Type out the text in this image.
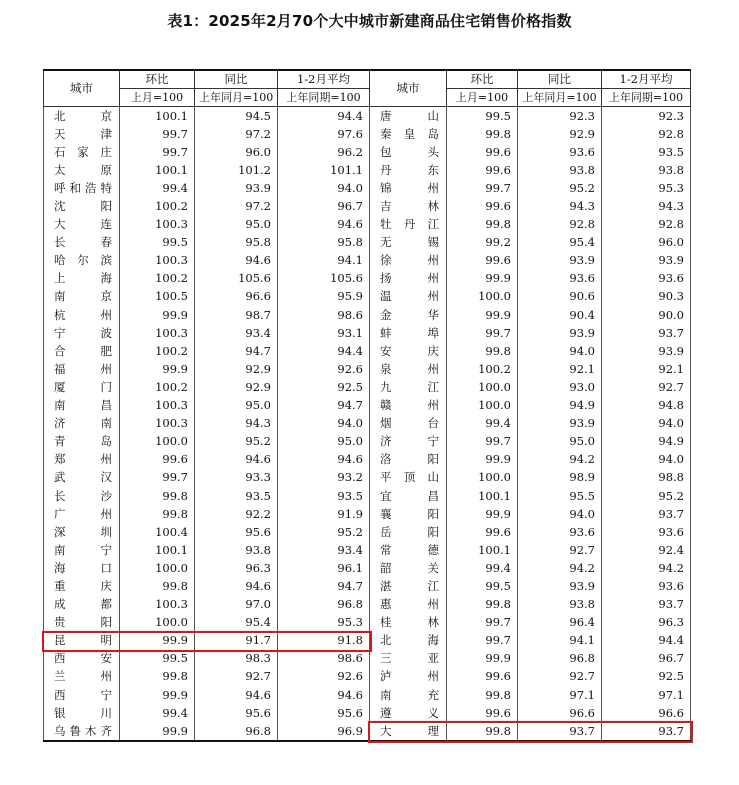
表1：2025年2月70个大中城市新建商品住宅销售价格指数
城市	环比	同比	1-2月平均	城市	环比	同比	1-2月平均
	上月=100	上年同月=100	上年同期=100		上月=100	上年同月=100	上年同期=100
北京	100.1	94.5	94.4	唐山	99.5	92.3	92.3
天津	99.7	97.2	97.6	秦皇岛	99.8	92.9	92.8
石家庄	99.7	96.0	96.2	包头	99.6	93.6	93.5
太原	100.1	101.2	101.1	丹东	99.6	93.8	93.8
呼和浩特	99.4	93.9	94.0	锦州	99.7	95.2	95.3
沈阳	100.2	97.2	96.7	吉林	99.6	94.3	94.3
大连	100.3	95.0	94.6	牡丹江	99.8	92.8	92.8
长春	99.5	95.8	95.8	无锡	99.2	95.4	96.0
哈尔滨	100.3	94.6	94.1	徐州	99.6	93.9	93.9
上海	100.2	105.6	105.6	扬州	99.9	93.6	93.6
南京	100.5	96.6	95.9	温州	100.0	90.6	90.3
杭州	99.9	98.7	98.6	金华	99.9	90.4	90.0
宁波	100.3	93.4	93.1	蚌埠	99.7	93.9	93.7
合肥	100.2	94.7	94.4	安庆	99.8	94.0	93.9
福州	99.9	92.9	92.6	泉州	100.2	92.1	92.1
厦门	100.2	92.9	92.5	九江	100.0	93.0	92.7
南昌	100.3	95.0	94.7	赣州	100.0	94.9	94.8
济南	100.3	94.3	94.0	烟台	99.4	93.9	94.0
青岛	100.0	95.2	95.0	济宁	99.7	95.0	94.9
郑州	99.6	94.6	94.6	洛阳	99.9	94.2	94.0
武汉	99.7	93.3	93.2	平顶山	100.0	98.9	98.8
长沙	99.8	93.5	93.5	宜昌	100.1	95.5	95.2
广州	99.8	92.2	91.9	襄阳	99.9	94.0	93.7
深圳	100.4	95.6	95.2	岳阳	99.6	93.6	93.6
南宁	100.1	93.8	93.4	常德	100.1	92.7	92.4
海口	100.0	96.3	96.1	韶关	99.4	94.2	94.2
重庆	99.8	94.6	94.7	湛江	99.5	93.9	93.6
成都	100.3	97.0	96.8	惠州	99.8	93.8	93.7
贵阳	100.0	95.4	95.3	桂林	99.7	96.4	96.3
昆明	99.9	91.7	91.8	北海	99.7	94.1	94.4
西安	99.5	98.3	98.6	三亚	99.9	96.8	96.7
兰州	99.8	92.7	92.6	泸州	99.6	92.7	92.5
西宁	99.9	94.6	94.6	南充	99.8	97.1	97.1
银川	99.4	95.6	95.6	遵义	99.6	96.6	96.6
乌鲁木齐	99.9	96.8	96.9	大理	99.8	93.7	93.7
